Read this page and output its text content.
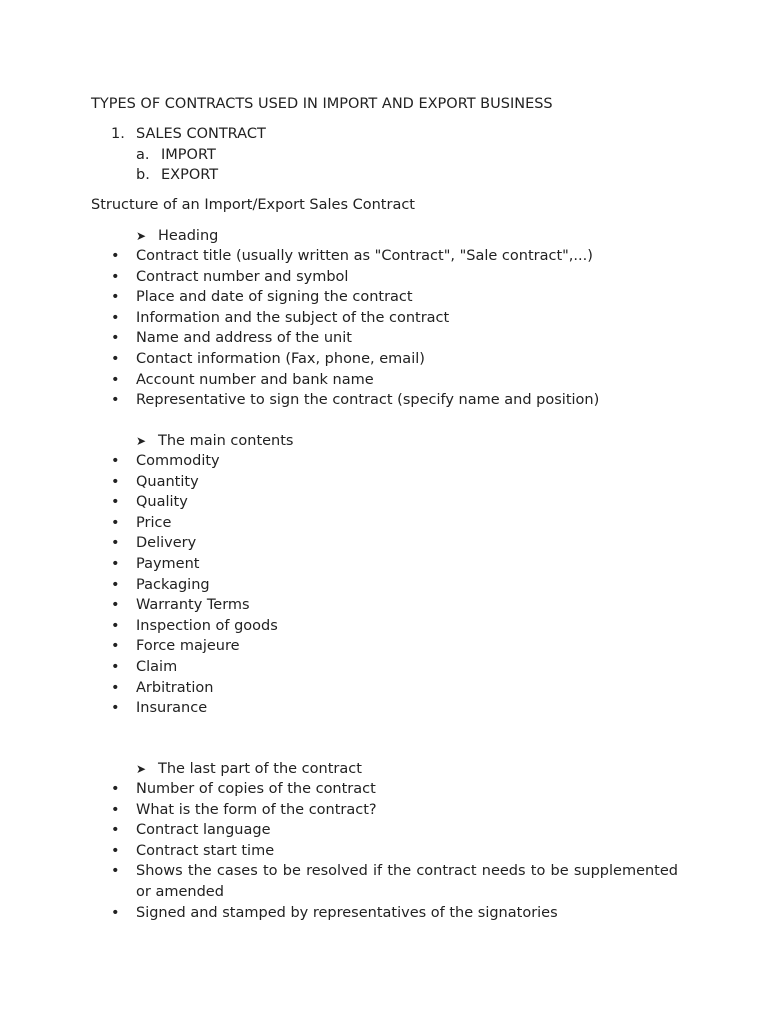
TYPES OF CONTRACTS USED IN IMPORT AND EXPORT BUSINESS
1. SALES CONTRACT
a. IMPORT
b. EXPORT
Structure of an Import/Export Sales Contract
➤ Heading
• Contract title (usually written as "Contract", "Sale contract",...)
• Contract number and symbol
• Place and date of signing the contract
• Information and the subject of the contract
• Name and address of the unit
• Contact information (Fax, phone, email)
• Account number and bank name
• Representative to sign the contract (specify name and position)
➤ The main contents
• Commodity
• Quantity
• Quality
• Price
• Delivery
• Payment
• Packaging
• Warranty Terms
• Inspection of goods
• Force majeure
• Claim
• Arbitration
• Insurance
➤ The last part of the contract
• Number of copies of the contract
• What is the form of the contract?
• Contract language
• Contract start time
• Shows the cases to be resolved if the contract needs to be supplemented or amended
• Signed and stamped by representatives of the signatories
